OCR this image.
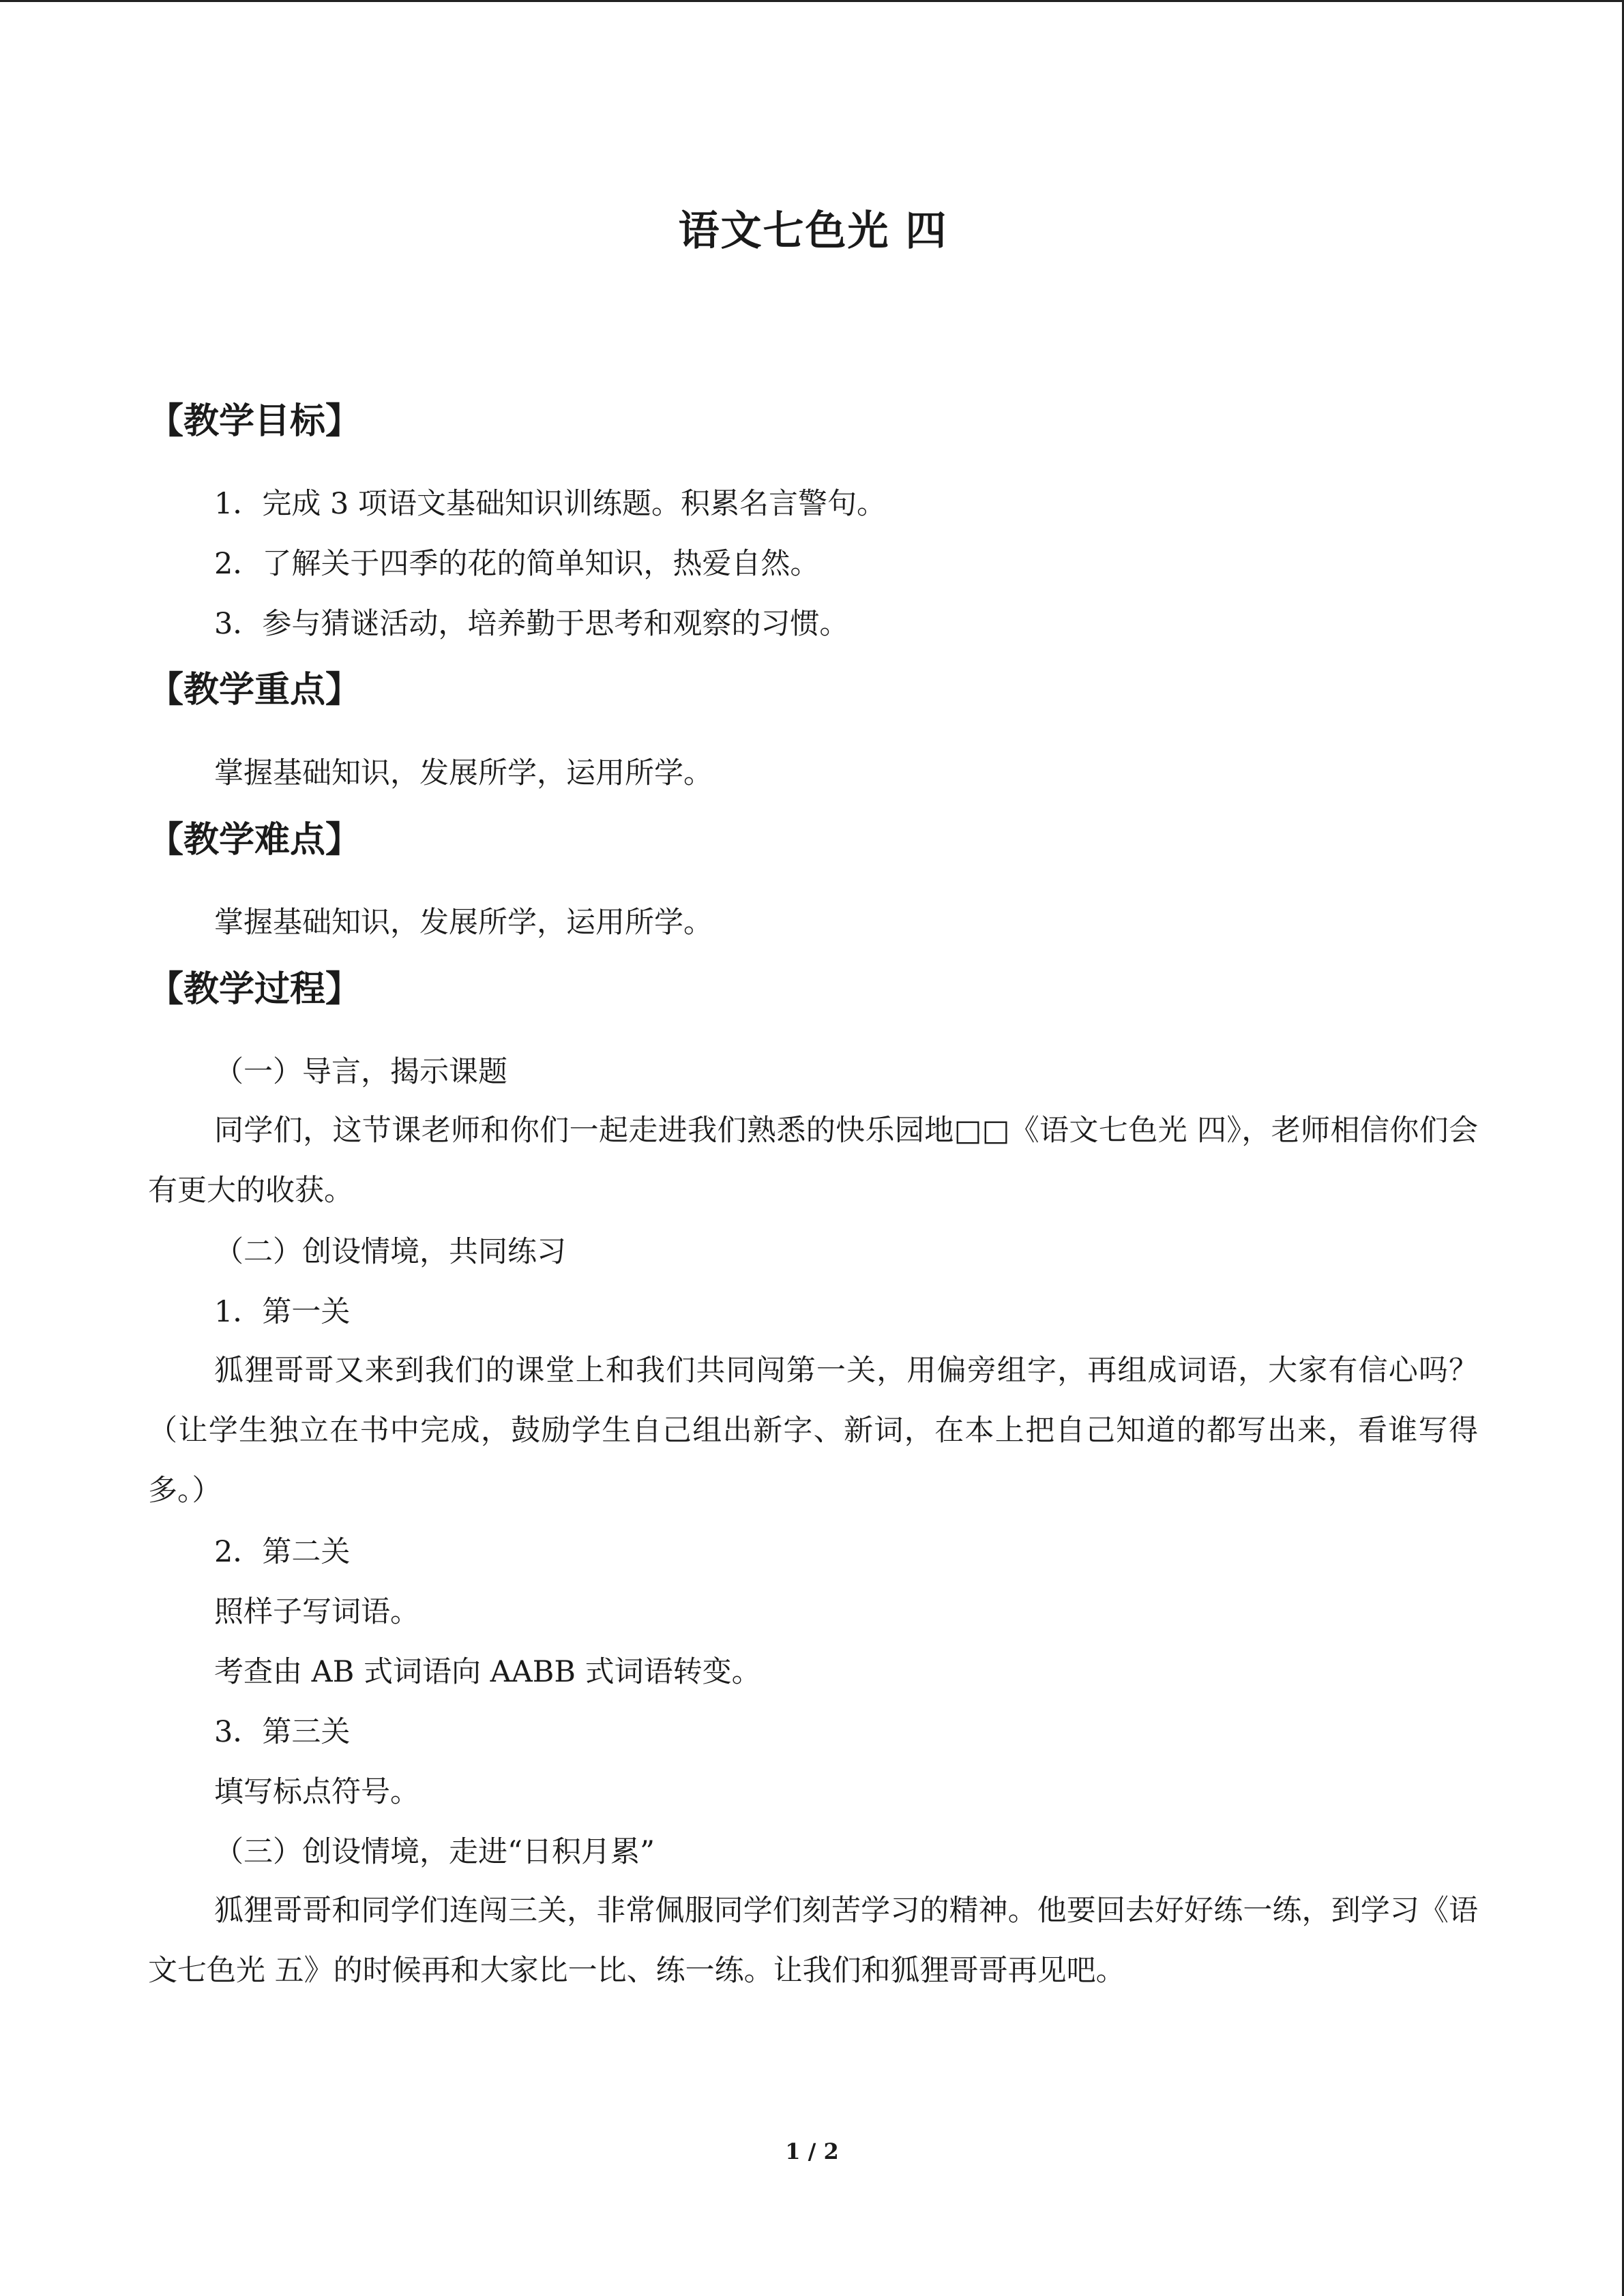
语文七色光 四
【教学目标】
1．完成 3 项语文基础知识训练题。积累名言警句。
2．了解关于四季的花的简单知识，热爱自然。
3．参与猜谜活动，培养勤于思考和观察的习惯。
【教学重点】
掌握基础知识，发展所学，运用所学。
【教学难点】
掌握基础知识，发展所学，运用所学。
【教学过程】
（一）导言，揭示课题
同学们，这节课老师和你们一起走进我们熟悉的快乐园地□□《语文七色光 四》，老师相信你们会有更大的收获。
（二）创设情境，共同练习
1．第一关
狐狸哥哥又来到我们的课堂上和我们共同闯第一关，用偏旁组字，再组成词语，大家有信心吗？（让学生独立在书中完成，鼓励学生自己组出新字、新词，在本上把自己知道的都写出来，看谁写得多。）
2．第二关
照样子写词语。
考查由 AB 式词语向 AABB 式词语转变。
3．第三关
填写标点符号。
（三）创设情境，走进“日积月累”
狐狸哥哥和同学们连闯三关，非常佩服同学们刻苦学习的精神。他要回去好好练一练，到学习《语文七色光 五》的时候再和大家比一比、练一练。让我们和狐狸哥哥再见吧。
1 / 2
